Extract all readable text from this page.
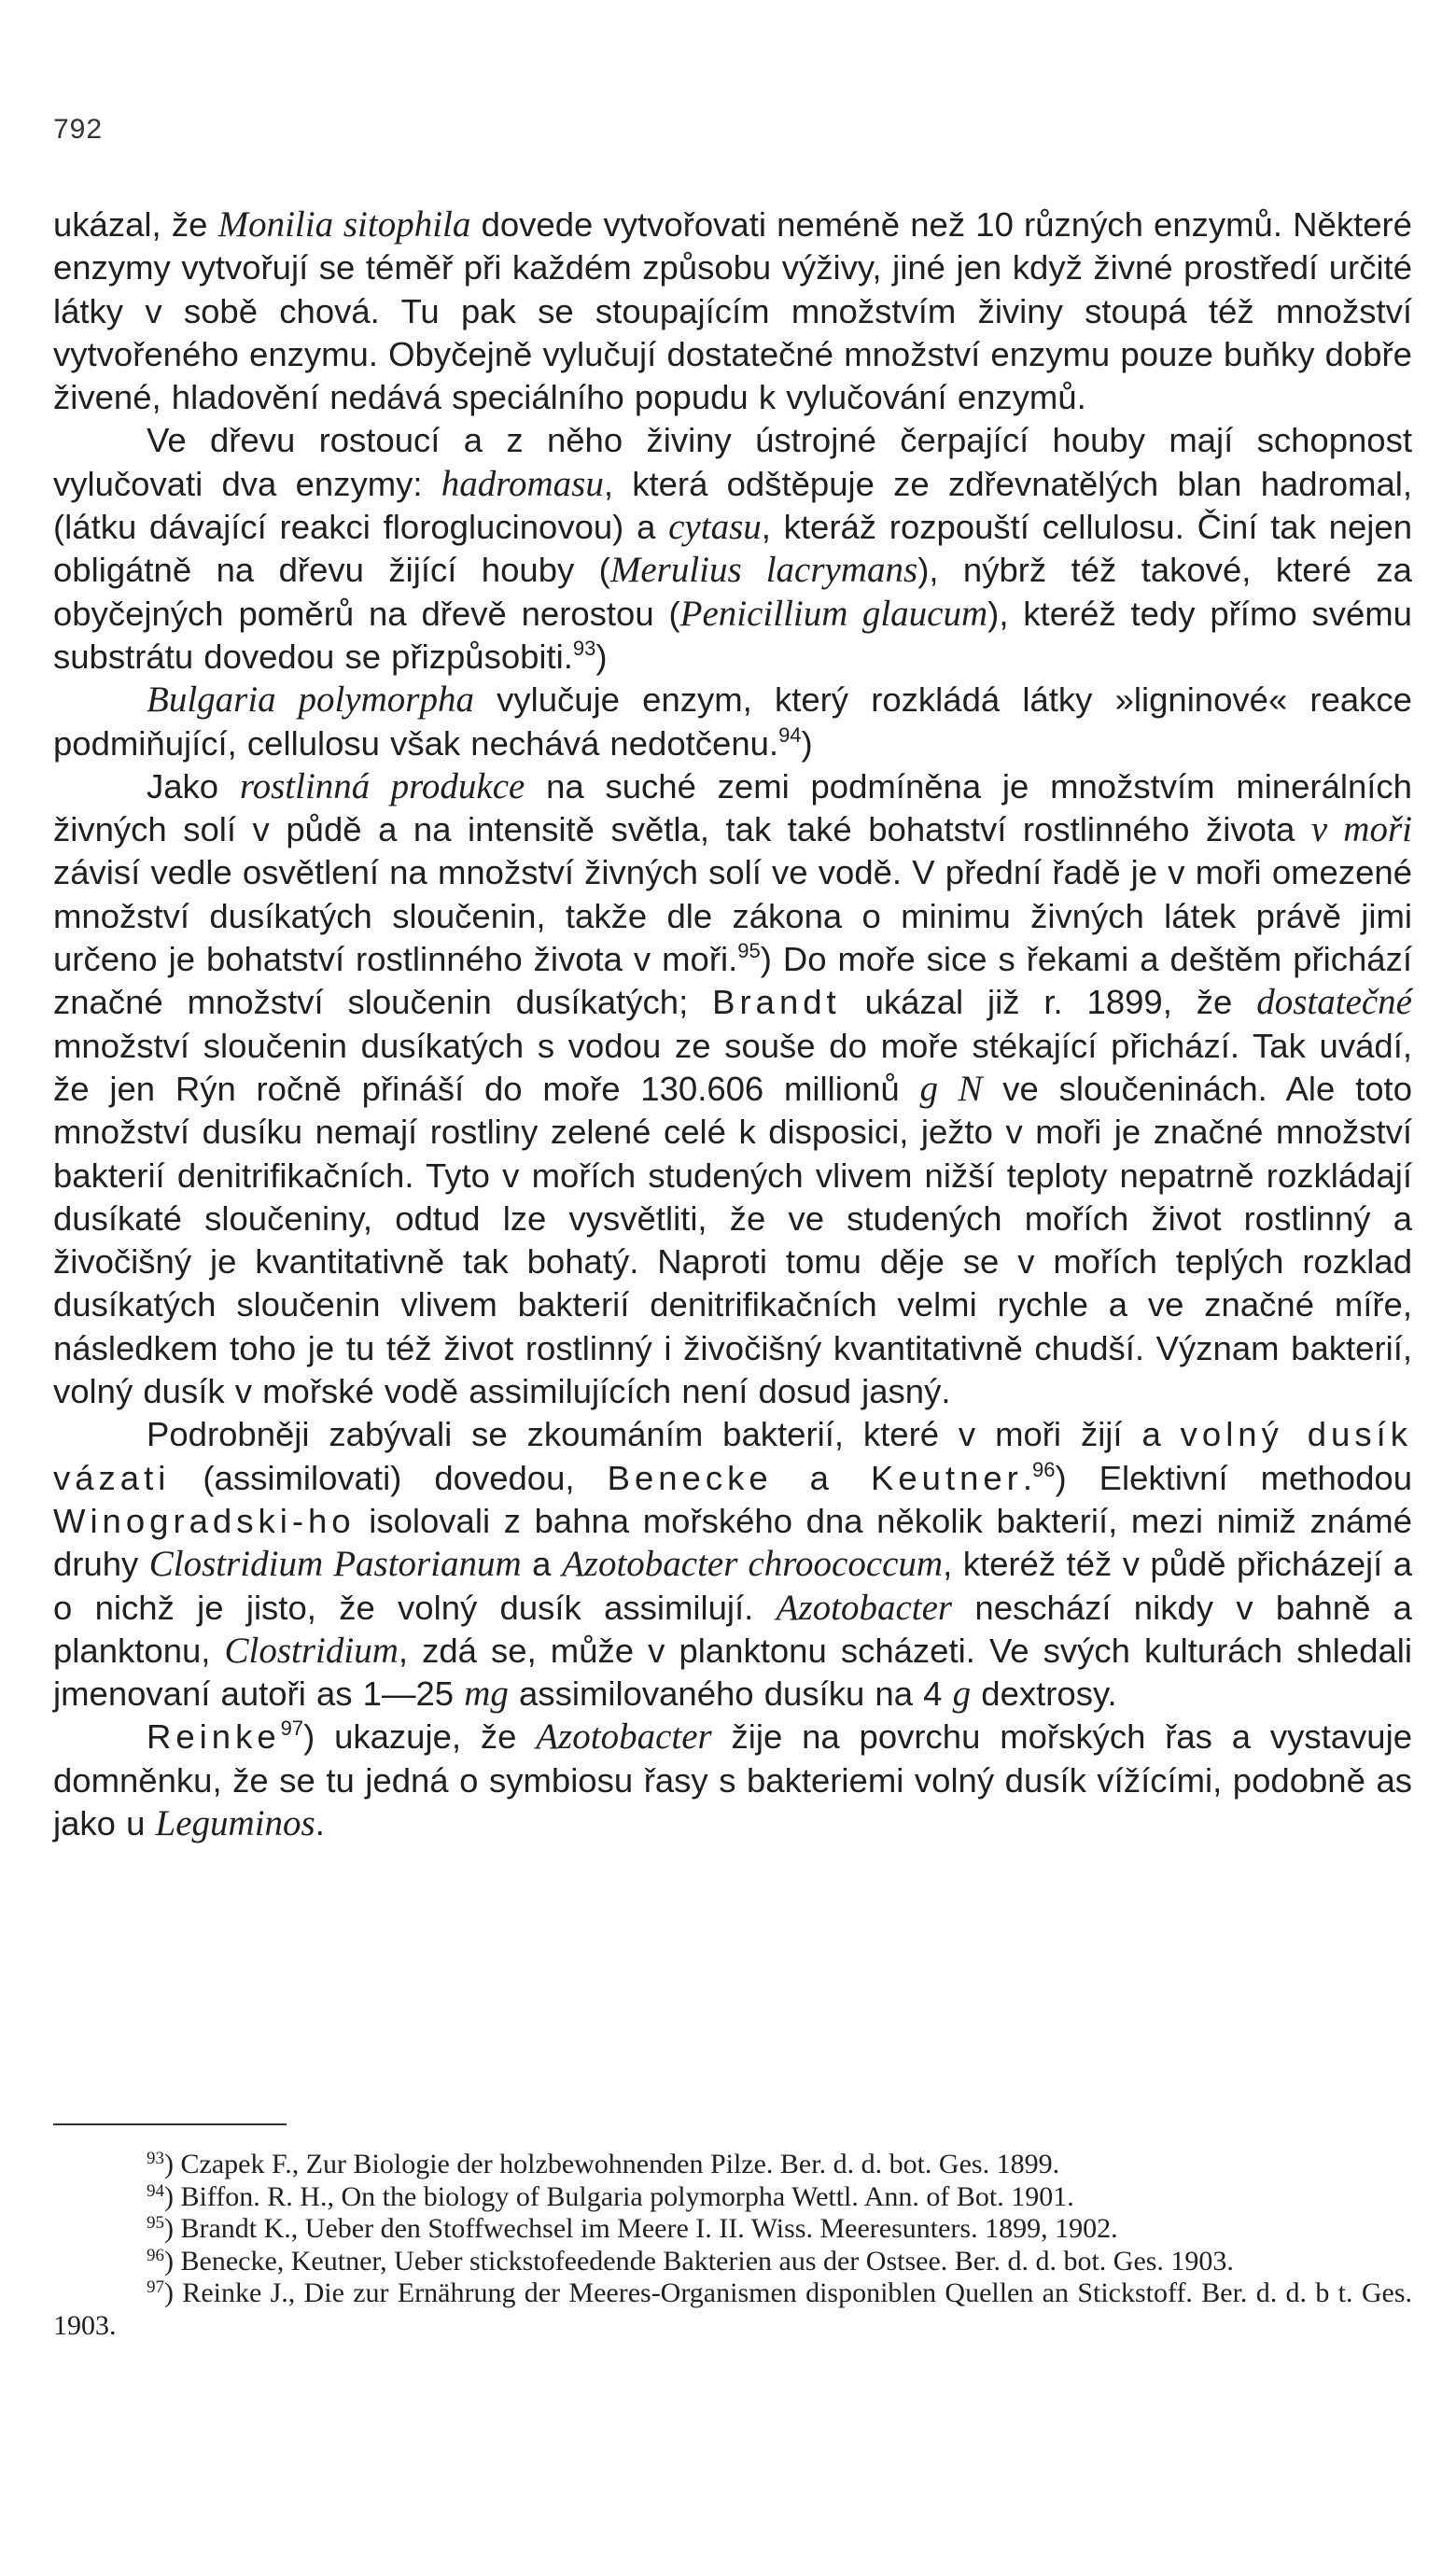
792

ukázal, že Monilia sitophila dovede vytvořovati neméně než 10 různých enzymů. Některé enzymy vytvořují se téměř při každém způsobu výživy, jiné jen když živné prostředí určité látky v sobě chová. Tu pak se stoupajícím množstvím živiny stoupá též množství vytvořeného enzymu. Obyčejně vylučují dostatečné množství enzymu pouze buňky dobře živené, hladovění nedává speciálního popudu k vylučování enzymů.

Ve dřevu rostoucí a z něho živiny ústrojné čerpající houby mají schopnost vylučovati dva enzymy: hadromasu, která odštěpuje ze zdřevnatělých blan hadromal, (látku dávající reakci floroglucinovou) a cytasu, kteráž rozpouští cellulosu. Činí tak nejen obligátně na dřevu žijící houby (Merulius lacrymans), nýbrž též takové, které za obyčejných poměrů na dřevě nerostou (Penicillium glaucum), kteréž tedy přímo svému substrátu dovedou se přizpůsobiti.$^{93}$)

Bulgaria polymorpha vylučuje enzym, který rozkládá látky »ligninové« reakce podmiňující, cellulosu však nechává nedotčenu.$^{94}$)

Jako rostlinná produkce na suché zemi podmíněna je množstvím minerálních živných solí v půdě a na intensitě světla, tak také bohatství rostlinného života v moři závisí vedle osvětlení na množství živných solí ve vodě. V přední řadě je v moři omezené množství dusíkatých sloučenin, takže dle zákona o minimu živných látek právě jimi určeno je bohatství rostlinného života v moři.$^{95}$) Do moře sice s řekami a deštěm přichází značné množství sloučenin dusíkatých; Brandt ukázal již r. 1899, že dostatečné množství sloučenin dusíkatých s vodou ze souše do moře stékající přichází. Tak uvádí, že jen Rýn ročně přináší do moře 130.606 millionů g N ve sloučeninách. Ale toto množství dusíku nemají rostliny zelené celé k disposici, ježto v moři je značné množství bakterií denitrifikačních. Tyto v mořích studených vlivem nižší teploty nepatrně rozkládají dusíkaté sloučeniny, odtud lze vysvětliti, že ve studených mořích život rostlinný a živočišný je kvantitativně tak bohatý. Naproti tomu děje se v mořích teplých rozklad dusíkatých sloučenin vlivem bakterií denitrifikačních velmi rychle a ve značné míře, následkem toho je tu též život rostlinný i živočišný kvantitativně chudší. Význam bakterií, volný dusík v mořské vodě assimilujících není dosud jasný.

Podrobněji zabývali se zkoumáním bakterií, které v moři žijí a volný dusík vázati (assimilovati) dovedou, Benecke a Keutner.$^{96}$) Elektivní methodou Winogradski-ho isolovali z bahna mořského dna několik bakterií, mezi nimiž známé druhy Clostridium Pastorianum a Azotobacter chroococcum, kteréž též v půdě přicházejí a o nichž je jisto, že volný dusík assimilují. Azotobacter neschází nikdy v bahně a planktonu, Clostridium, zdá se, může v planktonu scházeti. Ve svých kulturách shledali jmenovaní autoři as 1—25 mg assimilovaného dusíku na 4 g dextrosy.

Reinke$^{97}$) ukazuje, že Azotobacter žije na povrchu mořských řas a vystavuje domněnku, že se tu jedná o symbiosu řasy s bakteriemi volný dusík vížícími, podobně as jako u Leguminos.

$^{93}$) Czapek F., Zur Biologie der holzbewohnenden Pilze. Ber. d. d. bot. Ges. 1899.

$^{94}$) Biffon. R. H., On the biology of Bulgaria polymorpha Wettl. Ann. of Bot. 1901.

$^{95}$) Brandt K., Ueber den Stoffwechsel im Meere I. II. Wiss. Meeresunters. 1899, 1902.

$^{96}$) Benecke, Keutner, Ueber stickstofeedende Bakterien aus der Ostsee. Ber. d. d. bot. Ges. 1903.

$^{97}$) Reinke J., Die zur Ernährung der Meeres-Organismen disponiblen Quellen an Stickstoff. Ber. d. d. b t. Ges. 1903.
